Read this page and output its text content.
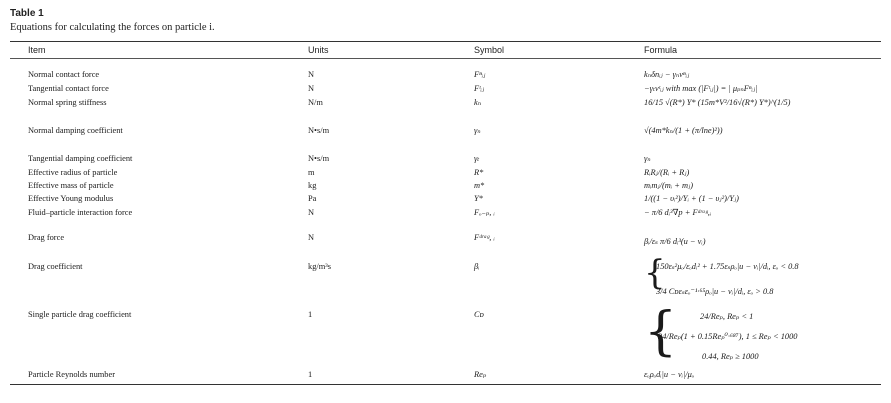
Table 1
Equations for calculating the forces on particle i.
Item	Units	Symbol	Formula
Normal contact force	N	Fⁿᵢⱼ	kₙδnᵢⱼ − γₙvⁿᵢⱼ
Tangential contact force	N	Fᵗᵢⱼ	−γₜvᵗᵢⱼ with max (|Fᵗᵢⱼ|) = | μₚₙFⁿᵢⱼ|
Normal spring stiffness	N/m	kₙ	16/15 √(R*) Y* (15m*V²/16√(R*) Y*)^(1/5)
Normal damping coefficient	N•s/m	γₙ	√(4m*kₙ/(1 + (π/lne)²))
Tangential damping coefficient	N•s/m	γₜ	γₙ
Effective radius of particle	m	R*	RᵢRⱼ/(Rᵢ + Rⱼ)
Effective mass of particle	kg	m*	mᵢmⱼ/(mᵢ + mⱼ)
Effective Young modulus	Pa	Y*	1/((1 − υᵢ²)/Yᵢ + (1 − υⱼ²)/Yⱼ)
Fluid–particle interaction force	N	Fₒ₋ₚ, ᵢ	− π/6 dᵢ³∇p + Fᵈʳᵃᵍ,ᵢ
Drag force	N	Fᵈʳᵃᵍ, ᵢ	βᵢ/εₛ π/6 dᵢ³(u − vᵢ)
Drag coefficient	kg/m³s	βᵢ	{
150εₛ²μₒ/εₒdᵢ² + 1.75εₛρₒ|u − vᵢ|/dᵢ, εₒ < 0.8
3/4 Cᴅεₛεₒ⁻¹·⁶⁵ρₒ|u − vᵢ|/dᵢ, εₒ > 0.8
Single particle drag coefficient	1	Cᴅ	{	24/Reₚ, Reₚ < 1
24/Reₚ(1 + 0.15Reₚ⁰·⁶⁸⁷), 1 ≤ Reₚ < 1000
0.44, Reₚ ≥ 1000
Particle Reynolds number	1	Reₚ	εₒρₒdᵢ|u − vᵢ|/μₒ
